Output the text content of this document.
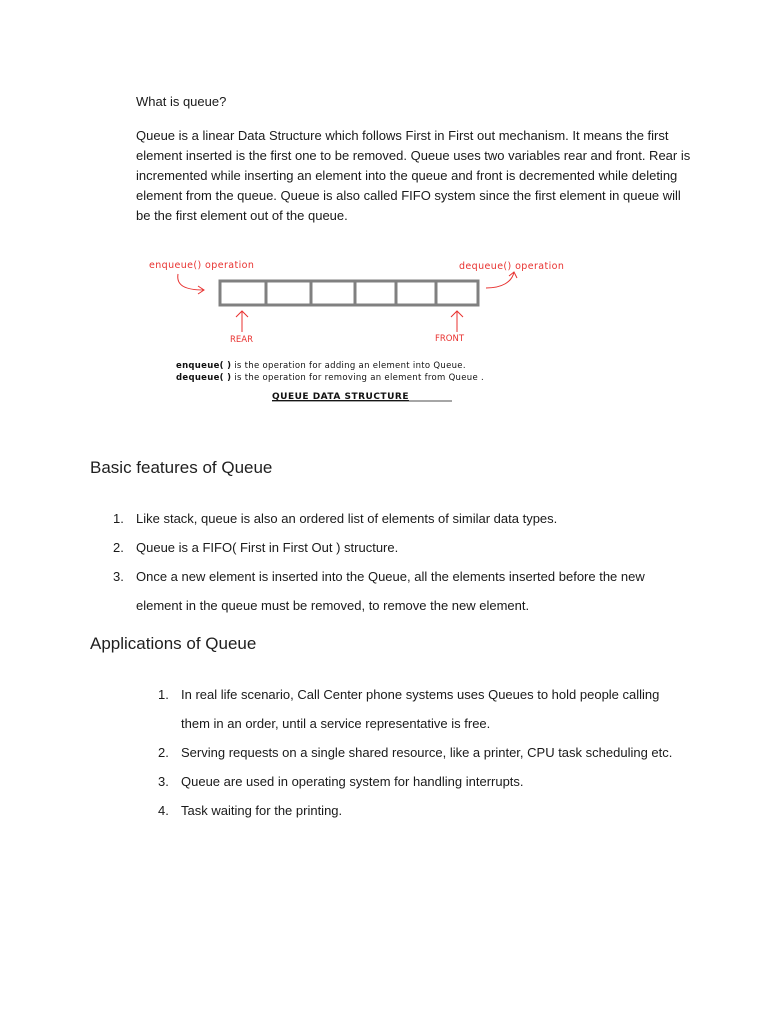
What is queue?

Queue is a linear Data Structure which follows First in First out mechanism. It means the first element inserted is the first one to be removed. Queue uses two variables rear and front. Rear is incremented while inserting an element into the queue and front is decremented while deleting element from the queue. Queue is also called FIFO system since the first element in queue will be the first element out of the queue.

enqueue() operation	dequeue() operation
REAR	FRONT
enqueue( ) is the operation for adding an element into Queue.
dequeue( ) is the operation for removing an element from Queue .
QUEUE DATA STRUCTURE
Basic features of Queue
1. Like stack, queue is also an ordered list of elements of similar data types.
2. Queue is a FIFO( First in First Out ) structure.
3. Once a new element is inserted into the Queue, all the elements inserted before the new element in the queue must be removed, to remove the new element.
Applications of Queue
1. In real life scenario, Call Center phone systems uses Queues to hold people calling them in an order, until a service representative is free.
2. Serving requests on a single shared resource, like a printer, CPU task scheduling etc.
3. Queue are used in operating system for handling interrupts.
4. Task waiting for the printing.
